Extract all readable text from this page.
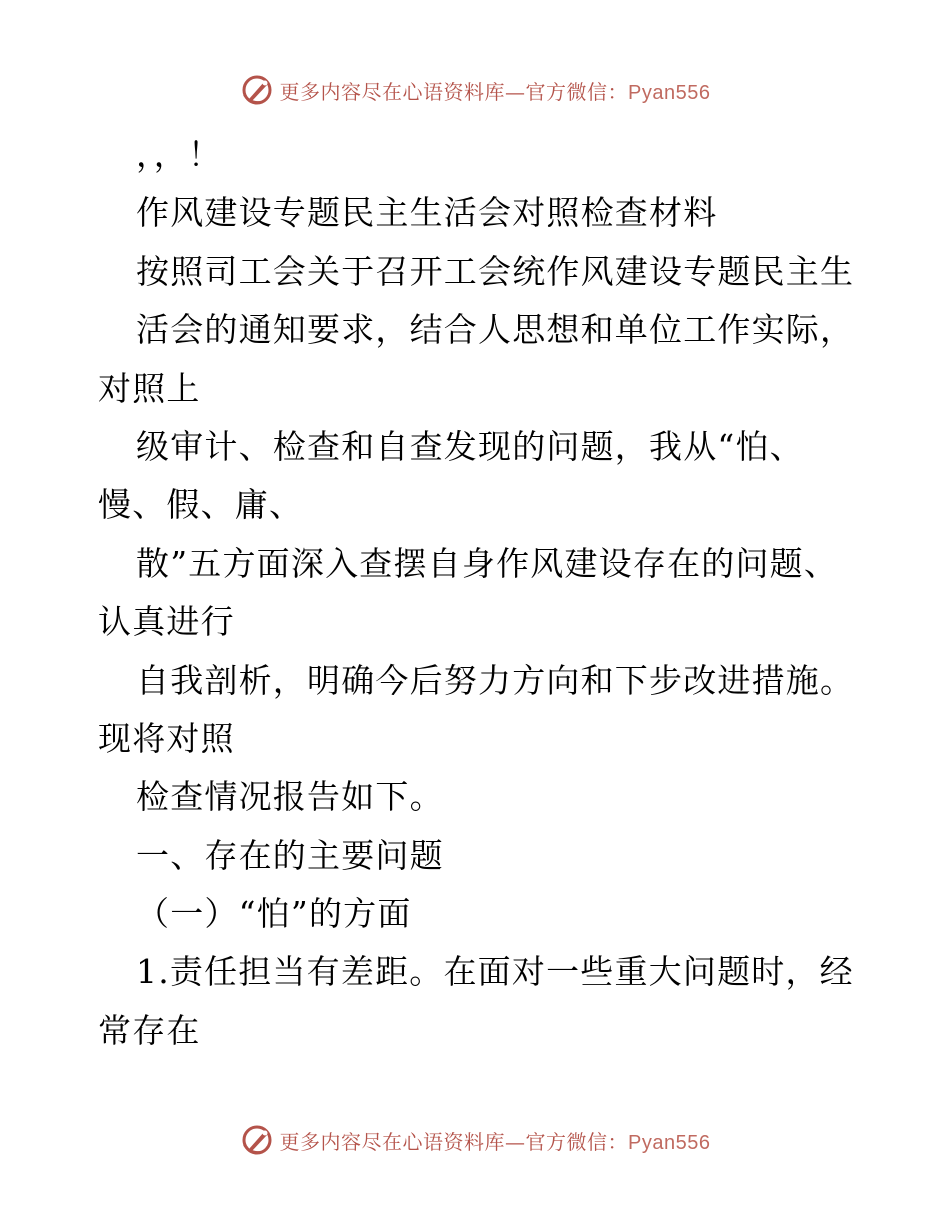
更多内容尽在心语资料库—官方微信：Pyan556
，，！
作风建设专题民主生活会对照检查材料
按照司工会关于召开工会统作风建设专题民主生
活会的通知要求，结合人思想和单位工作实际，
对照上
级审计、检查和自查发现的问题，我从“怕、
慢、假、庸、
散”五方面深入查摆自身作风建设存在的问题、
认真进行
自我剖析，明确今后努力方向和下步改进措施。
现将对照
检查情况报告如下。
一、存在的主要问题
（一）“怕”的方面
1.责任担当有差距。在面对一些重大问题时，经
常存在
更多内容尽在心语资料库—官方微信：Pyan556
